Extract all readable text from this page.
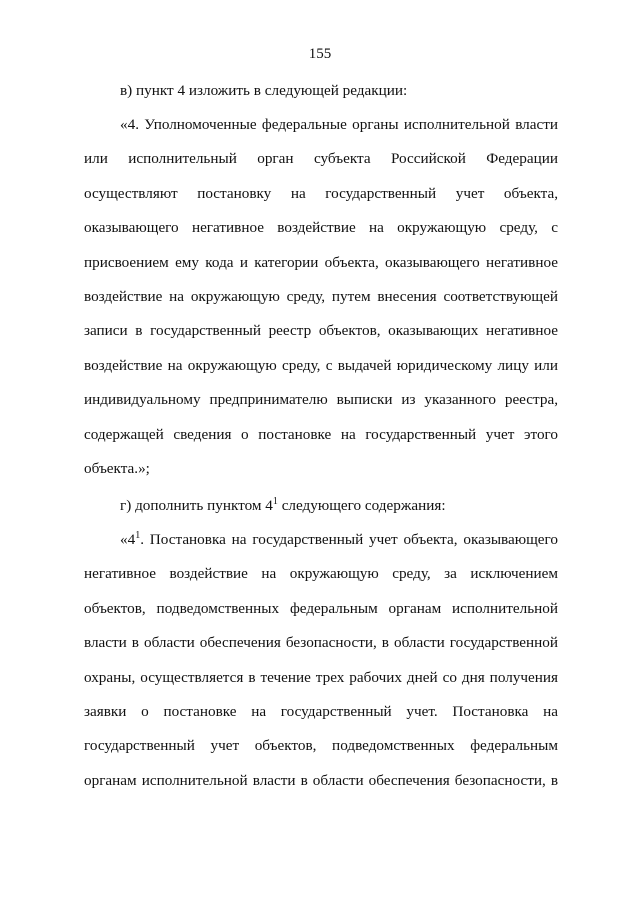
155
в) пункт 4 изложить в следующей редакции:
«4. Уполномоченные федеральные органы исполнительной власти
или исполнительный орган субъекта Российской Федерации
осуществляют постановку на государственный учет объекта,
оказывающего негативное воздействие на окружающую среду, с
присвоением ему кода и категории объекта, оказывающего негативное
воздействие на окружающую среду, путем внесения соответствующей
записи в государственный реестр объектов, оказывающих негативное
воздействие на окружающую среду, с выдачей юридическому лицу или
индивидуальному предпринимателю выписки из указанного реестра,
содержащей сведения о постановке на государственный учет этого
объекта.»;
г) дополнить пунктом $4^1$ следующего содержания:
«$4^1$. Постановка на государственный учет объекта, оказывающего
негативное воздействие на окружающую среду, за исключением
объектов, подведомственных федеральным органам исполнительной
власти в области обеспечения безопасности, в области государственной
охраны, осуществляется в течение трех рабочих дней со дня получения
заявки о постановке на государственный учет. Постановка на
государственный учет объектов, подведомственных федеральным
органам исполнительной власти в области обеспечения безопасности, в
